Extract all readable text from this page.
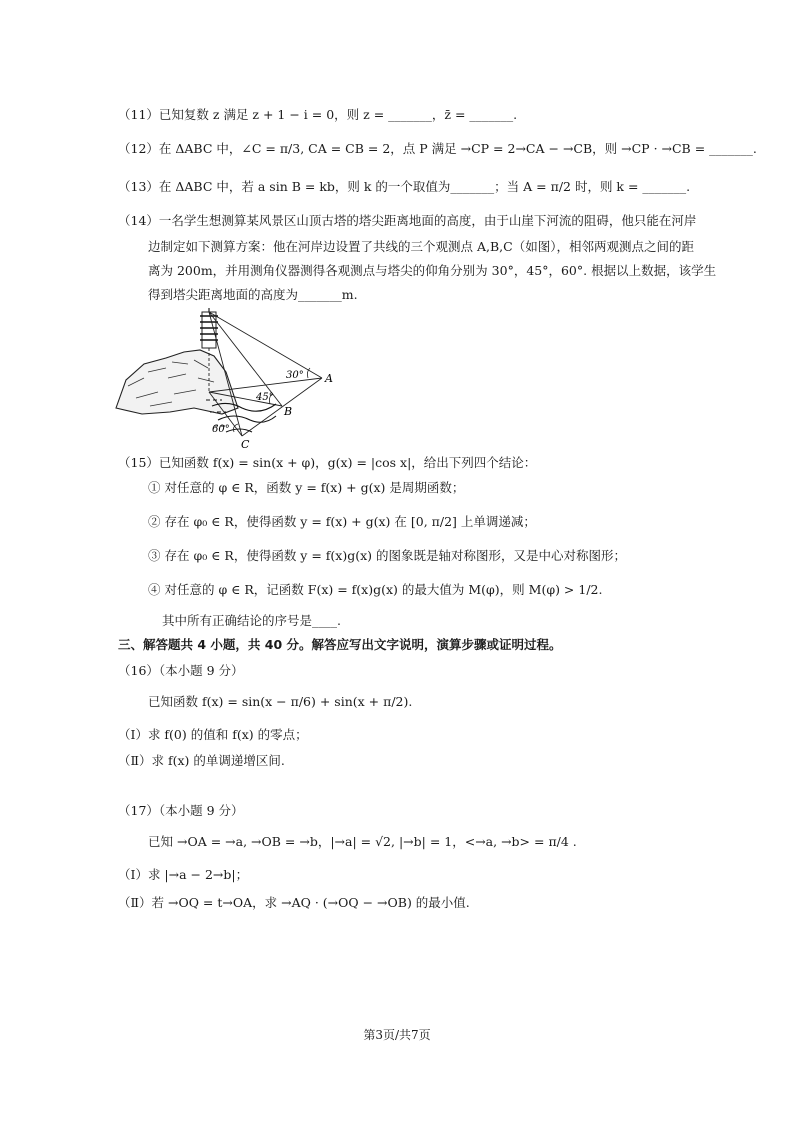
（11）已知复数 z 满足 z + 1 − i = 0，则 z = _______，z̄ = _______.
（12）在 ΔABC 中，∠C = π/3, CA = CB = 2，点 P 满足 →CP = 2→CA − →CB，则 →CP · →CB = _______.
（13）在 ΔABC 中，若 a sin B = kb，则 k 的一个取值为_______；当 A = π/2 时，则 k = _______.
（14）一名学生想测算某风景区山顶古塔的塔尖距离地面的高度，由于山崖下河流的阻碍，他只能在河岸
边制定如下测算方案：他在河岸边设置了共线的三个观测点 A,B,C（如图），相邻两观测点之间的距
离为 200m，并用测角仪器测得各观测点与塔尖的仰角分别为 30°，45°，60°. 根据以上数据，该学生
得到塔尖距离地面的高度为_______m.
30°
45°
60°
A
B
C
（15）已知函数 f(x) = sin(x + φ)，g(x) = |cos x|，给出下列四个结论：
① 对任意的 φ ∈ R，函数 y = f(x) + g(x) 是周期函数；
② 存在 φ₀ ∈ R，使得函数 y = f(x) + g(x) 在 [0, π/2] 上单调递减；
③ 存在 φ₀ ∈ R，使得函数 y = f(x)g(x) 的图象既是轴对称图形，又是中心对称图形；
④ 对任意的 φ ∈ R，记函数 F(x) = f(x)g(x) 的最大值为 M(φ)，则 M(φ) > 1/2.
其中所有正确结论的序号是____.
三、解答题共 4 小题，共 40 分。解答应写出文字说明，演算步骤或证明过程。
（16）（本小题 9 分）
已知函数 f(x) = sin(x − π/6) + sin(x + π/2).
（Ⅰ）求 f(0) 的值和 f(x) 的零点；
（Ⅱ）求 f(x) 的单调递增区间.
（17）（本小题 9 分）
已知 →OA = →a, →OB = →b，|→a| = √2, |→b| = 1，<→a, →b> = π/4 .
（Ⅰ）求 |→a − 2→b|；
（Ⅱ）若 →OQ = t→OA，求 →AQ · (→OQ − →OB) 的最小值.
第3页/共7页
